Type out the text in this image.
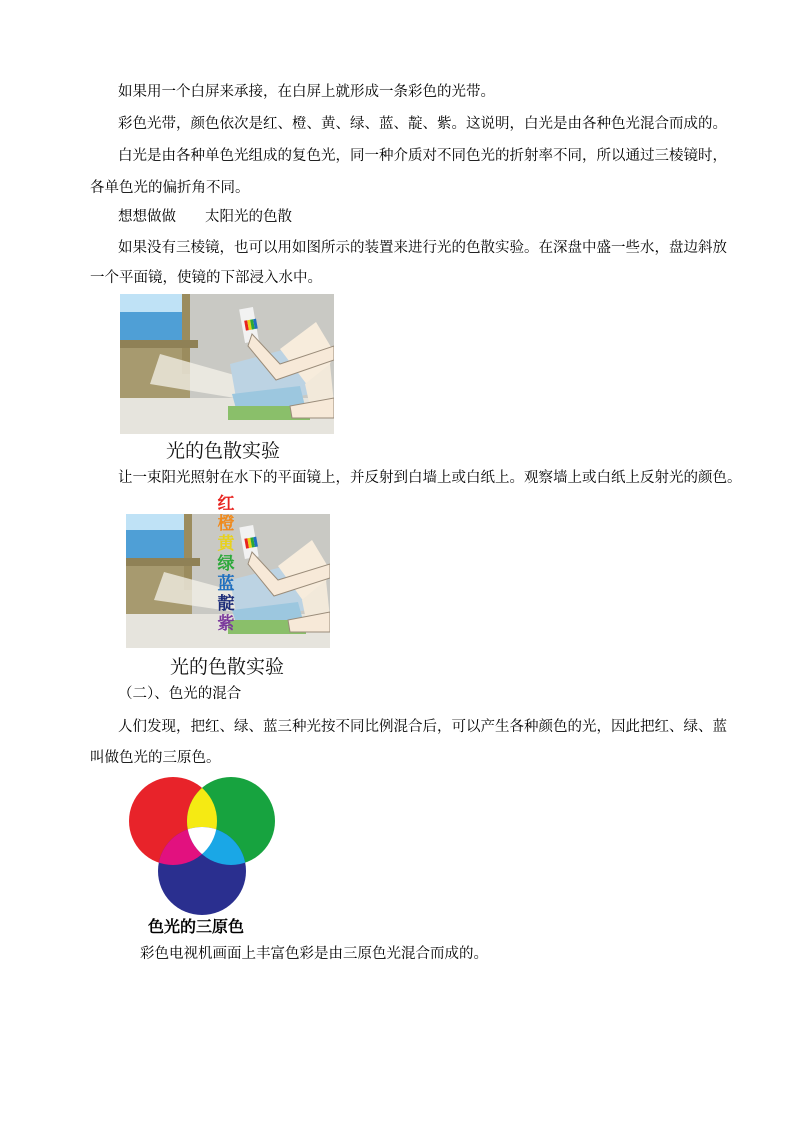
如果用一个白屏来承接，在白屏上就形成一条彩色的光带。
彩色光带，颜色依次是红、橙、黄、绿、蓝、靛、紫。这说明，白光是由各种色光混合而成的。
白光是由各种单色光组成的复色光，同一种介质对不同色光的折射率不同，所以通过三棱镜时，
各单色光的偏折角不同。
想想做做　　太阳光的色散
如果没有三棱镜，也可以用如图所示的装置来进行光的色散实验。在深盘中盛一些水，盘边斜放
一个平面镜，使镜的下部浸入水中。
光的色散实验
让一束阳光照射在水下的平面镜上，并反射到白墙上或白纸上。观察墙上或白纸上反射光的颜色。
红
橙
黄
绿
蓝
靛
紫
光的色散实验
（二）、色光的混合
人们发现，把红、绿、蓝三种光按不同比例混合后，可以产生各种颜色的光，因此把红、绿、蓝
叫做色光的三原色。
色光的三原色
彩色电视机画面上丰富色彩是由三原色光混合而成的。
